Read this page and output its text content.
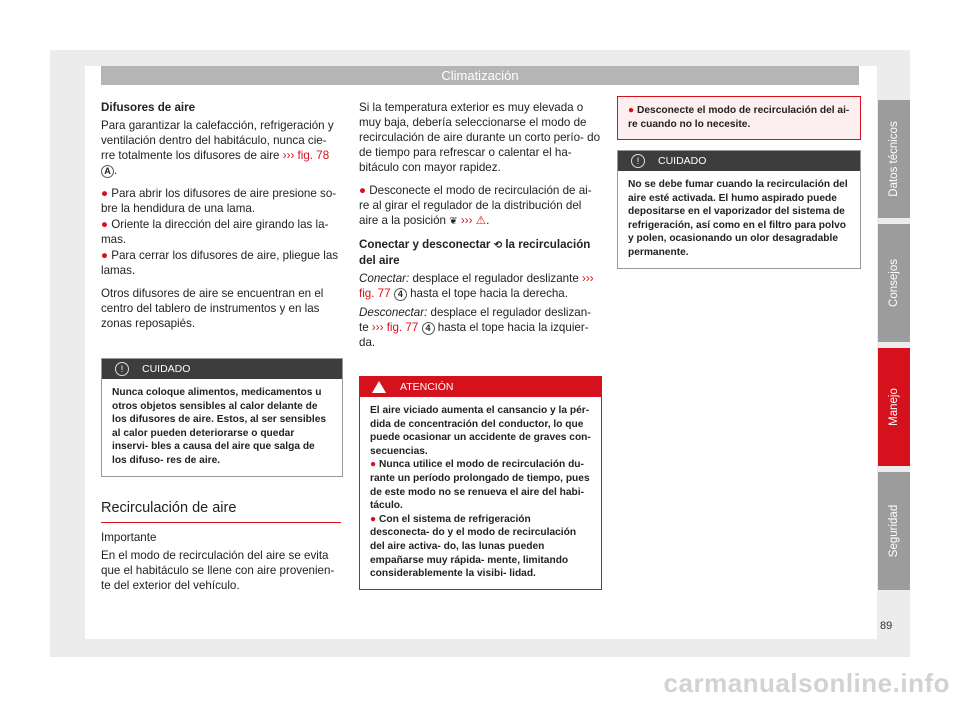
Climatización

Difusores de aire

Para garantizar la calefacción, refrigeración y ventilación dentro del habitáculo, nunca cie- rre totalmente los difusores de aire ››› fig. 78 A .

● Para abrir los difusores de aire presione so- bre la hendidura de una lama.

● Oriente la dirección del aire girando las la- mas.

● Para cerrar los difusores de aire, pliegue las lamas.

Otros difusores de aire se encuentran en el centro del tablero de instrumentos y en las zonas reposapiés.

!	CUIDADO

Nunca coloque alimentos, medicamentos u otros objetos sensibles al calor delante de los difusores de aire. Estos, al ser sensibles al calor pueden deteriorarse o quedar inservi- bles a causa del aire que salga de los difuso- res de aire.

Recirculación de aire

Importante

En el modo de recirculación del aire se evita que el habitáculo se llene con aire provenien- te del exterior del vehículo.

Si la temperatura exterior es muy elevada o muy baja, debería seleccionarse el modo de recirculación de aire durante un corto perío- do de tiempo para refrescar o calentar el ha- bitáculo con mayor rapidez.

● Desconecte el modo de recirculación de ai- re al girar el regulador de la distribución del aire a la posición ❦ ››› ⚠.

Conectar y desconectar ⟲ la recirculación del aire

Conectar: desplace el regulador deslizante ››› fig. 77 4 hasta el tope hacia la derecha.

Desconectar: desplace el regulador deslizan- te ››› fig. 77 4 hasta el tope hacia la izquier- da.

ATENCIÓN

El aire viciado aumenta el cansancio y la pér- dida de concentración del conductor, lo que puede ocasionar un accidente de graves con- secuencias.

● Nunca utilice el modo de recirculación du- rante un período prolongado de tiempo, pues de este modo no se renueva el aire del habi- táculo.

● Con el sistema de refrigeración desconecta- do y el modo de recirculación del aire activa- do, las lunas pueden empañarse muy rápida- mente, limitando considerablemente la visibi- lidad.

● Desconecte el modo de recirculación del ai- re cuando no lo necesite.

!	CUIDADO

No se debe fumar cuando la recirculación del aire esté activada. El humo aspirado puede depositarse en el vaporizador del sistema de refrigeración, así como en el filtro para polvo y polen, ocasionando un olor desagradable permanente.

Datos técnicos
Consejos
Manejo
Seguridad
89
carmanualsonline.info
